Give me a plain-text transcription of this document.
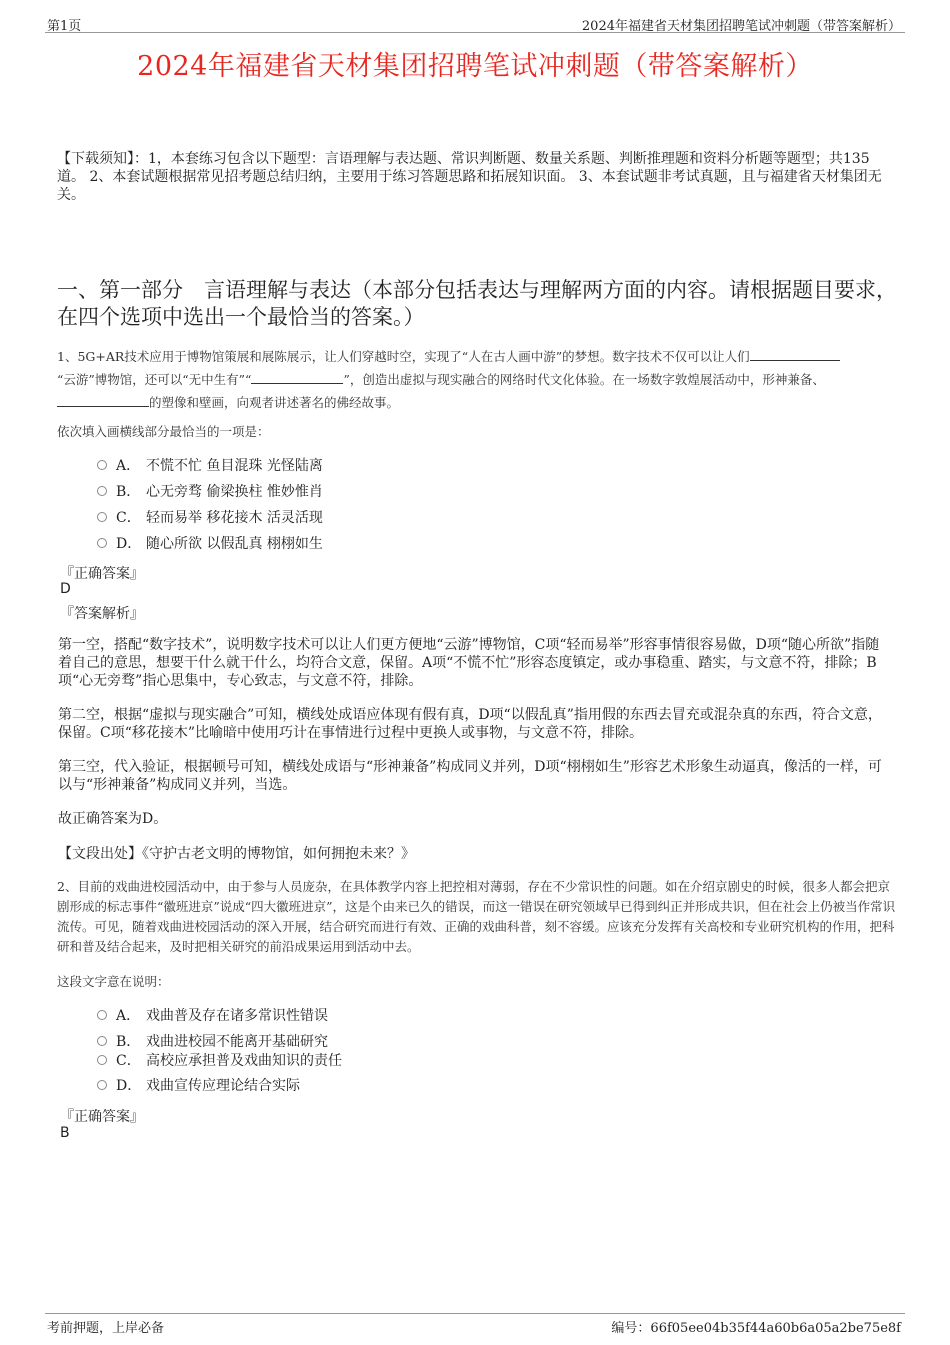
第1页	2024年福建省天材集团招聘笔试冲刺题（带答案解析）
2024年福建省天材集团招聘笔试冲刺题（带答案解析）
【下载须知】：1，本套练习包含以下题型：言语理解与表达题、常识判断题、数量关系题、判断推理题和资料分析题等题型；共135道。 2、本套试题根据常见招考题总结归纳，主要用于练习答题思路和拓展知识面。 3、本套试题非考试真题，且与福建省天材集团无关。
一、第一部分　言语理解与表达（本部分包括表达与理解两方面的内容。请根据题目要求，在四个选项中选出一个最恰当的答案。）
1、5G+AR技术应用于博物馆策展和展陈展示，让人们穿越时空，实现了“人在古人画中游”的梦想。数字技术不仅可以让人们
“云游”博物馆，还可以“无中生有”“	”，创造出虚拟与现实融合的网络时代文化体验。在一场数字敦煌展活动中，形神兼备、
的塑像和壁画，向观者讲述著名的佛经故事。
依次填入画横线部分最恰当的一项是：
A． 不慌不忙 鱼目混珠 光怪陆离
B． 心无旁骛 偷梁换柱 惟妙惟肖
C． 轻而易举 移花接木 活灵活现
D． 随心所欲 以假乱真 栩栩如生
『正确答案』
D
『答案解析』
第一空，搭配“数字技术”，说明数字技术可以让人们更方便地“云游”博物馆，C项“轻而易举”形容事情很容易做，D项“随心所欲”指随着自己的意思，想要干什么就干什么，均符合文意，保留。A项“不慌不忙”形容态度镇定，或办事稳重、踏实，与文意不符，排除；B项“心无旁骛”指心思集中，专心致志，与文意不符，排除。
第二空，根据“虚拟与现实融合”可知，横线处成语应体现有假有真，D项“以假乱真”指用假的东西去冒充或混杂真的东西，符合文意，保留。C项“移花接木”比喻暗中使用巧计在事情进行过程中更换人或事物，与文意不符，排除。
第三空，代入验证，根据顿号可知，横线处成语与“形神兼备”构成同义并列，D项“栩栩如生”形容艺术形象生动逼真，像活的一样，可以与“形神兼备”构成同义并列，当选。
故正确答案为D。
【文段出处】《守护古老文明的博物馆，如何拥抱未来？》
2、目前的戏曲进校园活动中，由于参与人员庞杂，在具体教学内容上把控相对薄弱，存在不少常识性的问题。如在介绍京剧史的时候，很多人都会把京剧形成的标志事件“徽班进京”说成“四大徽班进京”，这是个由来已久的错误，而这一错误在研究领域早已得到纠正并形成共识，但在社会上仍被当作常识流传。可见，随着戏曲进校园活动的深入开展，结合研究而进行有效、正确的戏曲科普，刻不容缓。应该充分发挥有关高校和专业研究机构的作用，把科研和普及结合起来，及时把相关研究的前沿成果运用到活动中去。
这段文字意在说明：
A． 戏曲普及存在诸多常识性错误
B． 戏曲进校园不能离开基础研究
C． 高校应承担普及戏曲知识的责任
D． 戏曲宣传应理论结合实际
『正确答案』
B
考前押题，上岸必备	编号：66f05ee04b35f44a60b6a05a2be75e8f
